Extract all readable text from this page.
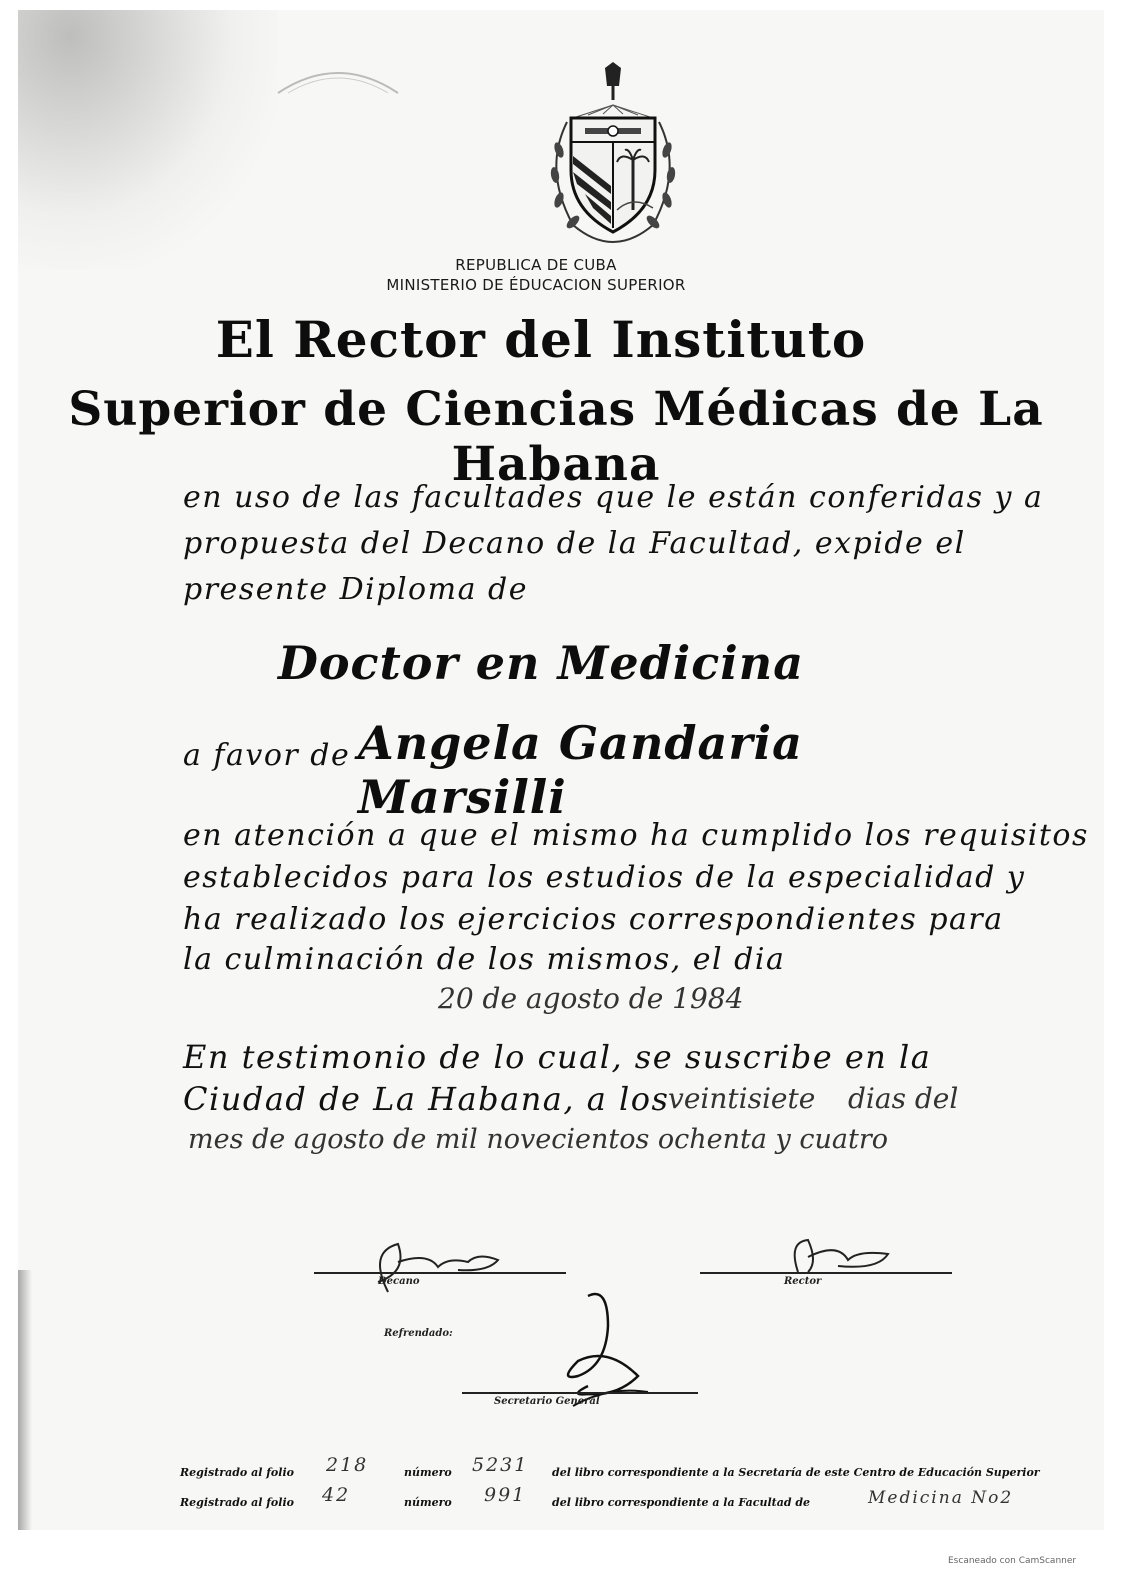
REPUBLICA DE CUBA
MINISTERIO DE ÉDUCACION SUPERIOR
El Rector del Instituto
Superior de Ciencias Médicas de La Habana
en uso de las facultades que le están conferidas y a
propuesta del Decano de la Facultad, expide el
presente Diploma de
Doctor en Medicina
a favor de Angela Gandaria Marsilli
en atención a que el mismo ha cumplido los requisitos
establecidos para los estudios de la especialidad y
ha realizado los ejercicios correspondientes para
la culminación de los mismos, el dia
20 de agosto de 1984
En testimonio de lo cual, se suscribe en la
Ciudad de La Habana, a los
veintisiete dias del
mes de agosto de mil novecientos ochenta y cuatro
Decano	Rector
Refrendado:
Secretario General
Registrado al folio 218	número 5231 del libro correspondiente a la Secretaría de este Centro de Educación Superior
Registrado al folio 42	número 991 del libro correspondiente a la Facultad de	Medicina No2
Escaneado con CamScanner
